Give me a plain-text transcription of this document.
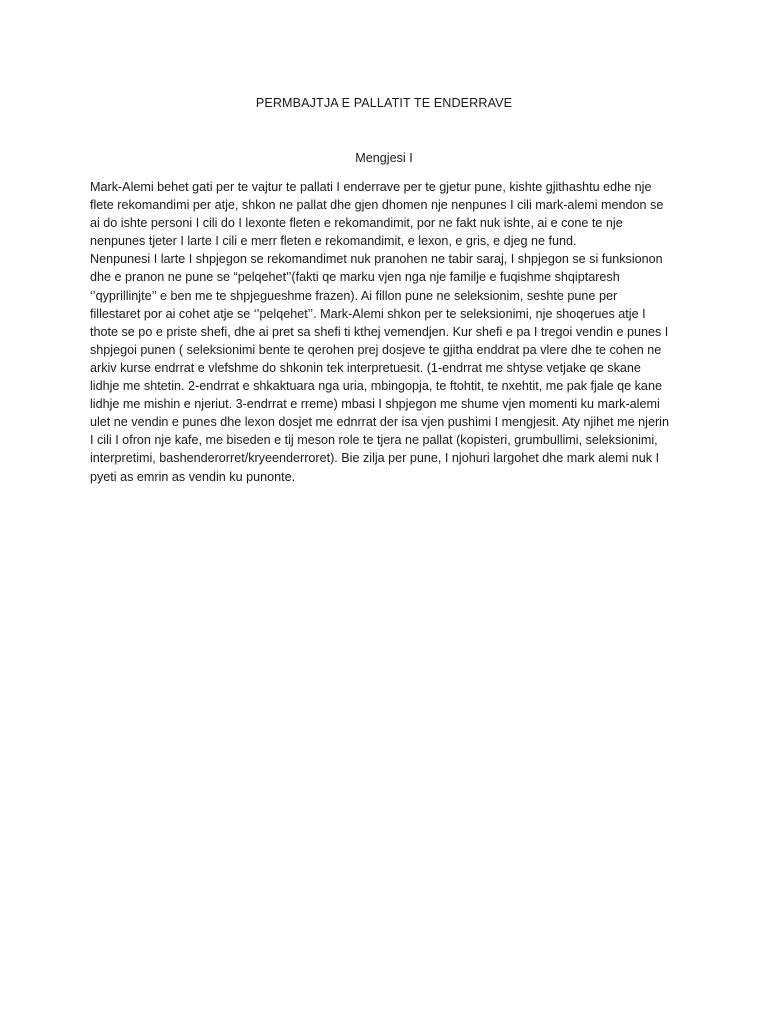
PERMBAJTJA E PALLATIT TE ENDERRAVE
Mengjesi I
Mark-Alemi behet gati per te vajtur te pallati I enderrave per te gjetur pune, kishte gjithashtu edhe nje
flete rekomandimi per atje, shkon ne pallat dhe gjen dhomen nje nenpunes I cili mark-alemi mendon se
ai do ishte personi I cili do I lexonte fleten e rekomandimit, por ne fakt nuk ishte, ai e cone te nje
nenpunes tjeter I larte I cili e merr fleten e rekomandimit, e lexon, e gris, e djeg ne fund.
Nenpunesi I larte I shpjegon se rekomandimet nuk pranohen ne tabir saraj, I shpjegon se si funksionon
dhe e pranon ne pune se “pelqehet’’(fakti qe marku vjen nga nje familje e fuqishme shqiptaresh
‘’qyprillinjte’’ e ben me te shpjegueshme frazen). Ai fillon pune ne seleksionim, seshte pune per
fillestaret por ai cohet atje se ‘’pelqehet’’. Mark-Alemi shkon per te seleksionimi, nje shoqerues atje I
thote se po e priste shefi, dhe ai pret sa shefi ti kthej vemendjen. Kur shefi e pa I tregoi vendin e punes I
shpjegoi punen ( seleksionimi bente te qerohen prej dosjeve te gjitha enddrat pa vlere dhe te cohen ne
arkiv kurse endrrat e vlefshme do shkonin tek interpretuesit. (1-endrrat me shtyse vetjake qe skane
lidhje me shtetin. 2-endrrat e shkaktuara nga uria, mbingopja, te ftohtit, te nxehtit, me pak fjale qe kane
lidhje me mishin e njeriut. 3-endrrat e rreme) mbasi I shpjegon me shume vjen momenti ku mark-alemi
ulet ne vendin e punes dhe lexon dosjet me ednrrat der isa vjen pushimi I mengjesit. Aty njihet me njerin
I cili I ofron nje kafe, me biseden e tij meson role te tjera ne pallat (kopisteri, grumbullimi, seleksionimi,
interpretimi, bashenderorret/kryeenderroret). Bie zilja per pune, I njohuri largohet dhe mark alemi nuk I
pyeti as emrin as vendin ku punonte.
